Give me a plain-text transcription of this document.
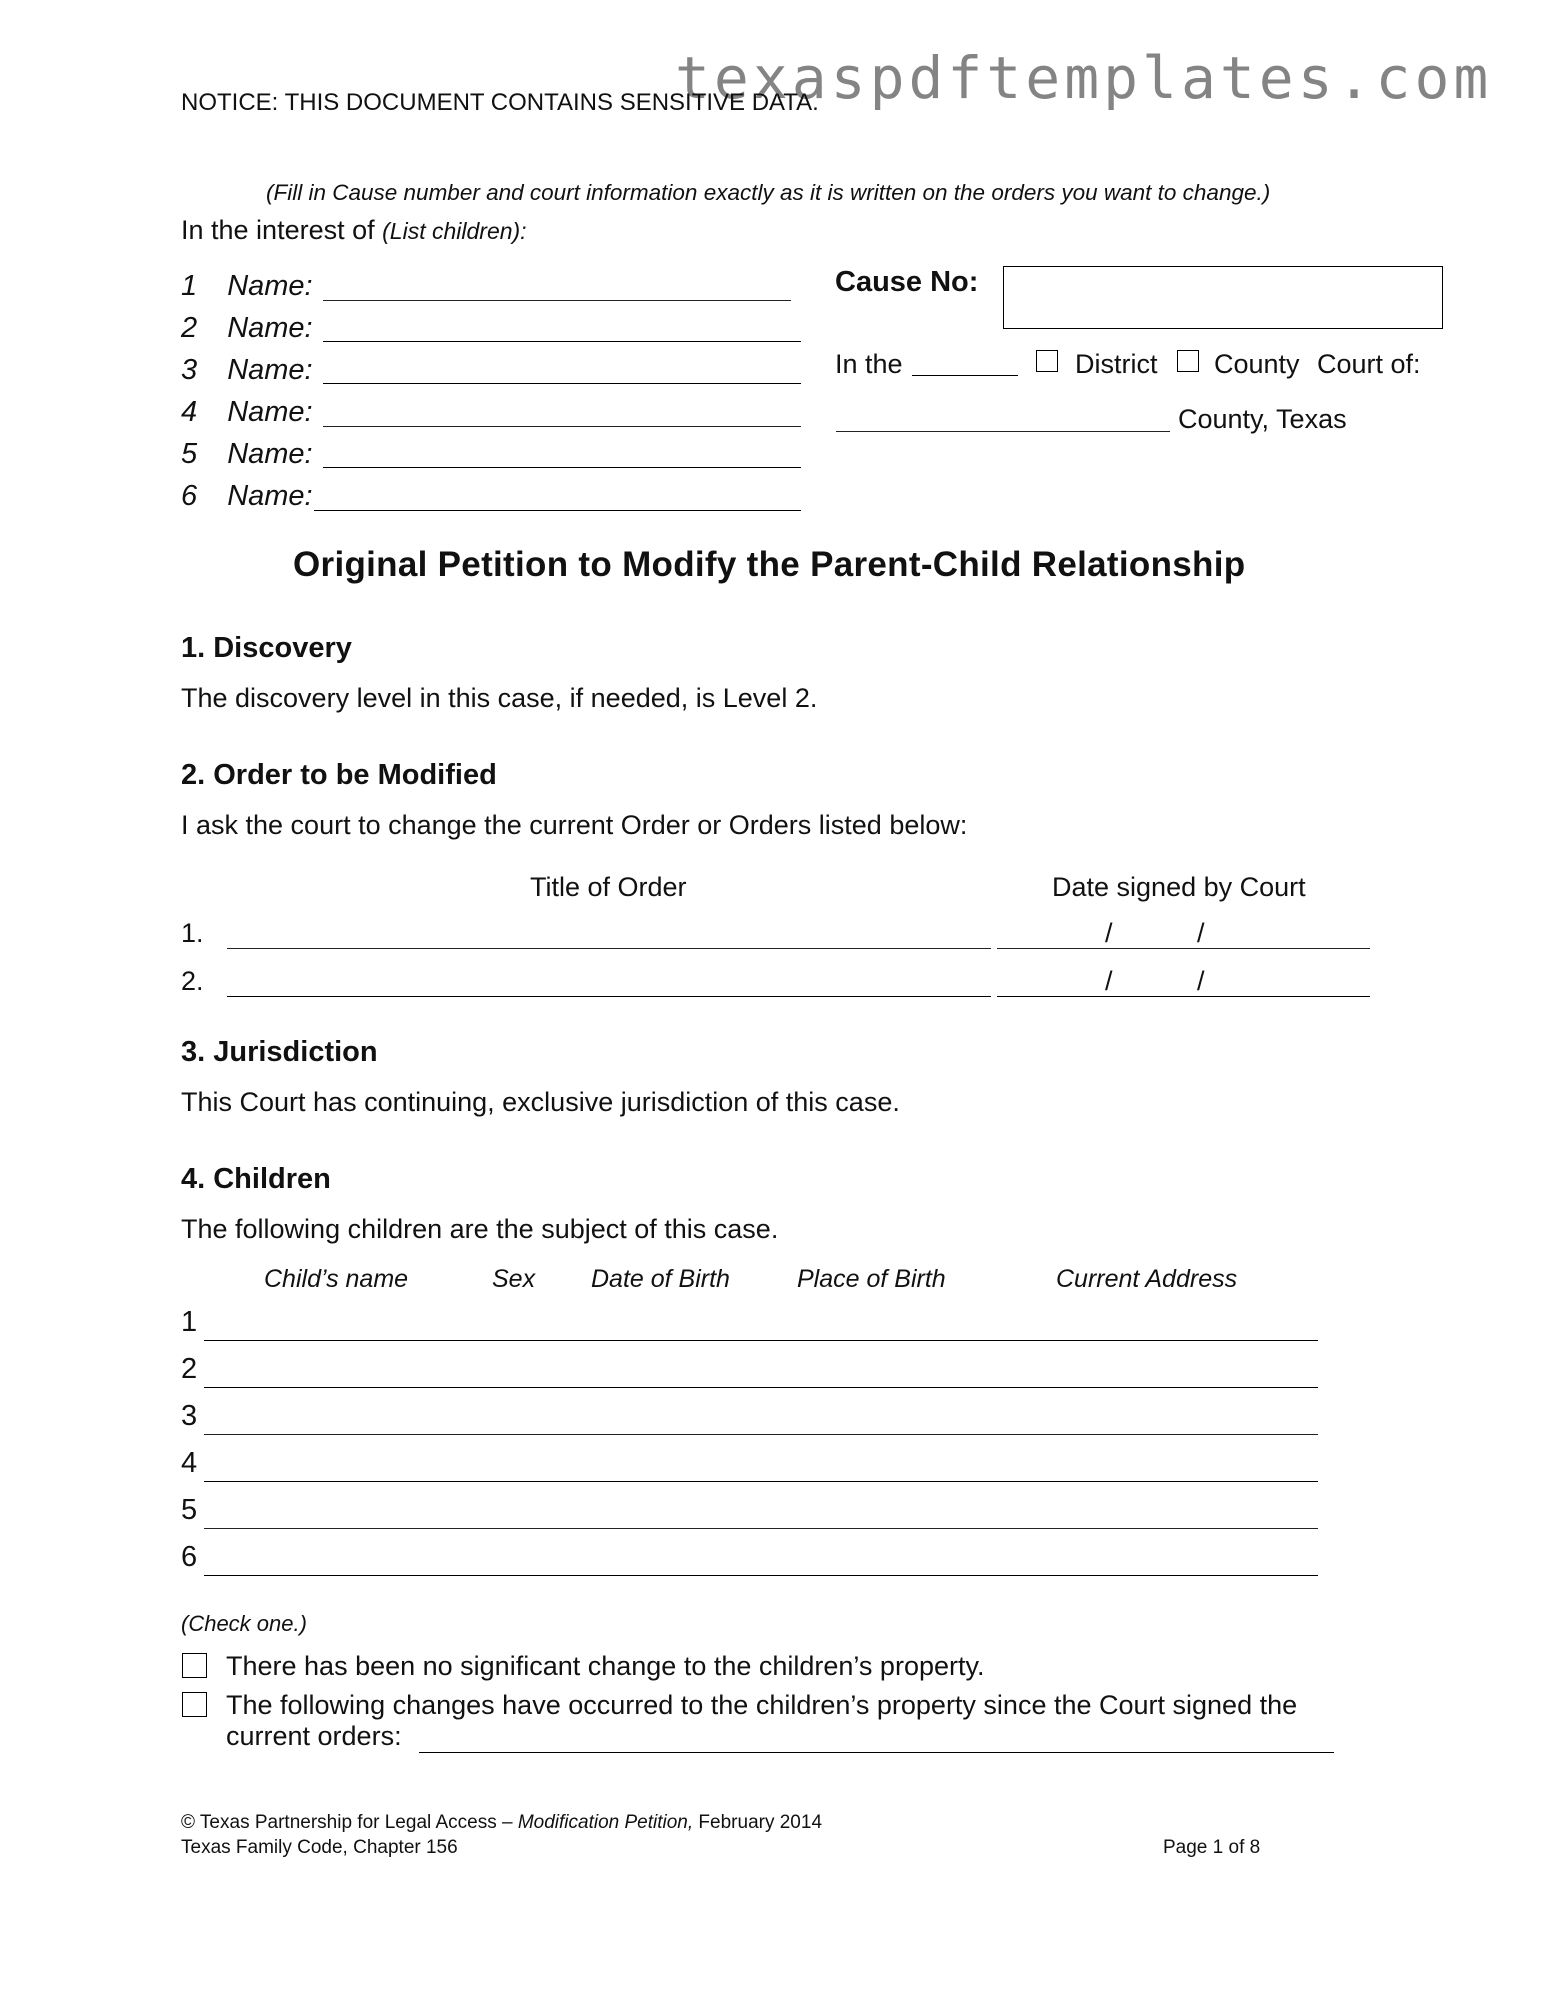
texaspdftemplates.com
NOTICE: THIS DOCUMENT CONTAINS SENSITIVE DATA.
(Fill in Cause number and court information exactly as it is written on the orders you want to change.)
In the interest of (List children):
1 Name:
2 Name:
3 Name:
4 Name:
5 Name:
6 Name:
Cause No:
In the	District County Court of:
County, Texas
Original Petition to Modify the Parent-Child Relationship
1. Discovery
The discovery level in this case, if needed, is Level 2.
2. Order to be Modified
I ask the court to change the current Order or Orders listed below:
Title of Order	Date signed by Court
1.	/	/
2.	/	/
3. Jurisdiction
This Court has continuing, exclusive jurisdiction of this case.
4. Children
The following children are the subject of this case.
Child’s name	Sex Date of Birth	Place of Birth	Current Address
1
2
3
4
5
6
(Check one.)
There has been no significant change to the children’s property.
The following changes have occurred to the children’s property since the Court signed the
current orders:
© Texas Partnership for Legal Access – Modification Petition, February 2014
Texas Family Code, Chapter 156	Page 1 of 8
